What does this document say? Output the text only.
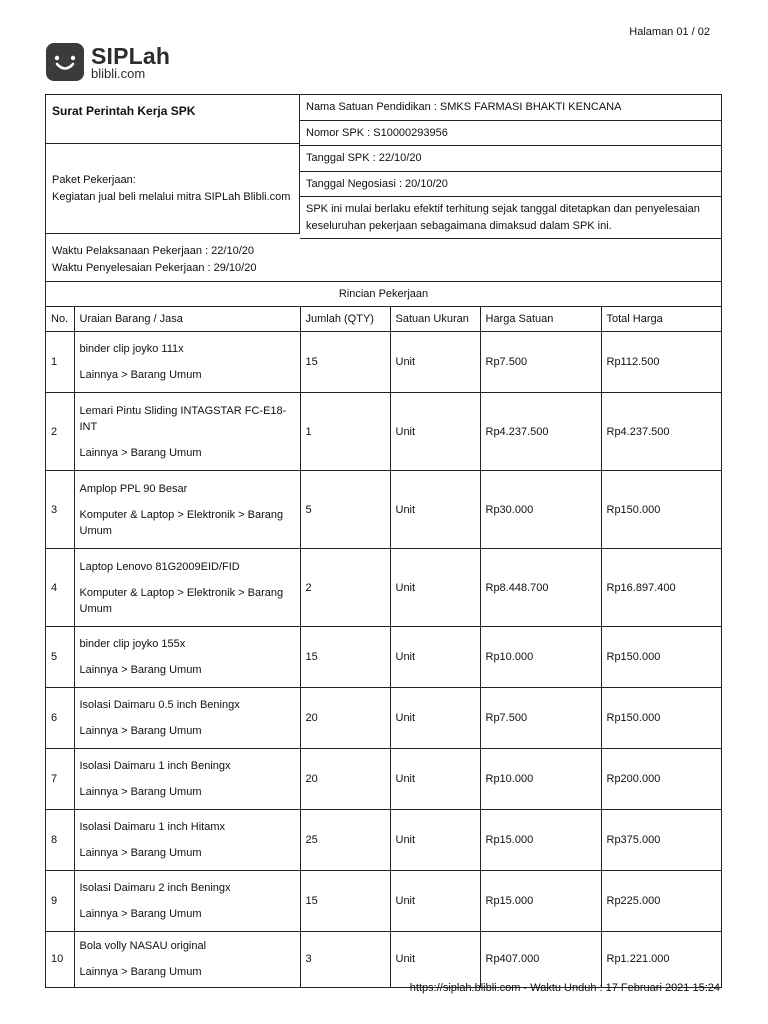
Halaman 01 / 02
SIPLah
blibli.com
Surat Perintah Kerja SPK
Paket Pekerjaan:
Kegiatan jual beli melalui mitra SIPLah Blibli.com
Nama Satuan Pendidikan : SMKS FARMASI BHAKTI KENCANA
Nomor SPK : S10000293956
Tanggal SPK : 22/10/20
Tanggal Negosiasi : 20/10/20
SPK ini mulai berlaku efektif terhitung sejak tanggal ditetapkan dan penyelesaian
keseluruhan pekerjaan sebagaimana dimaksud dalam SPK ini.
Waktu Pelaksanaan Pekerjaan : 22/10/20
Waktu Penyelesaian Pekerjaan : 29/10/20
Rincian Pekerjaan
No.	Uraian Barang / Jasa	Jumlah (QTY)	Satuan Ukuran	Harga Satuan	Total Harga
1	binder clip joyko 111x
Lainnya > Barang Umum	15	Unit	Rp7.500	Rp112.500
2	Lemari Pintu Sliding INTAGSTAR FC-E18-INT
Lainnya > Barang Umum	1	Unit	Rp4.237.500	Rp4.237.500
3	Amplop PPL 90 Besar
Komputer & Laptop > Elektronik > Barang Umum	5	Unit	Rp30.000	Rp150.000
4	Laptop Lenovo 81G2009EID/FID
Komputer & Laptop > Elektronik > Barang Umum	2	Unit	Rp8.448.700	Rp16.897.400
5	binder clip joyko 155x
Lainnya > Barang Umum	15	Unit	Rp10.000	Rp150.000
6	Isolasi Daimaru 0.5 inch Beningx
Lainnya > Barang Umum	20	Unit	Rp7.500	Rp150.000
7	Isolasi Daimaru 1 inch Beningx
Lainnya > Barang Umum	20	Unit	Rp10.000	Rp200.000
8	Isolasi Daimaru 1 inch Hitamx
Lainnya > Barang Umum	25	Unit	Rp15.000	Rp375.000
9	Isolasi Daimaru 2 inch Beningx
Lainnya > Barang Umum	15	Unit	Rp15.000	Rp225.000
10	Bola volly NASAU original
Lainnya > Barang Umum	3	Unit	Rp407.000	Rp1.221.000
https://siplah.blibli.com - Waktu Unduh : 17 Februari 2021 15:24
